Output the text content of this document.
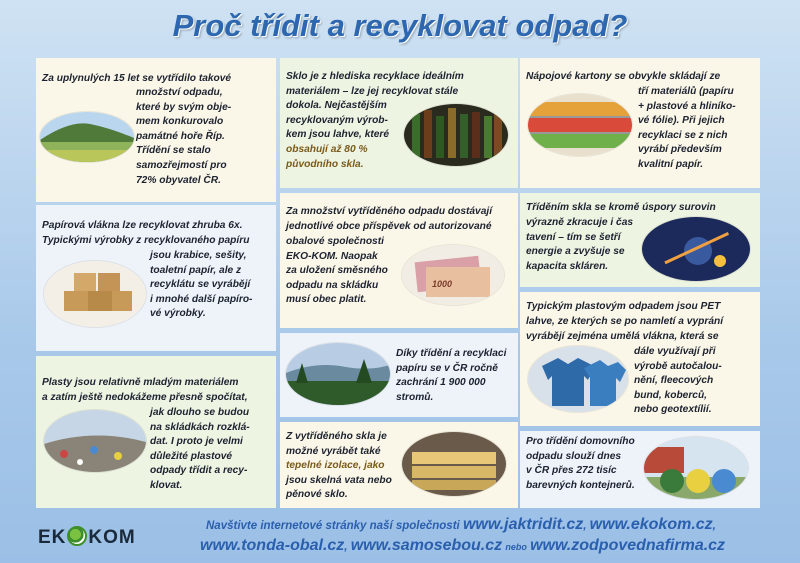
Proč třídit a recyklovat odpad?

Za uplynulých 15 let se vytřídilo takové

množství odpadu,

které by svým obje-

mem konkurovalo

památné hoře Říp.

Třídění se stalo

samozřejmostí pro

72% obyvatel ČR.

Sklo je z hlediska recyklace ideálním

materiálem – lze jej recyklovat stále

dokola. Nejčastějším

recyklovaným výrob-

kem jsou lahve, které

obsahují až 80 %

původního skla.

Nápojové kartony se obvykle skládají ze

tří materiálů (papíru

+ plastové a hliníko-

vé fólie). Při jejich

recyklaci se z nich

vyrábí především

kvalitní papír.

Papírová vlákna lze recyklovat zhruba 6x.

Typickými výrobky z recyklovaného papíru

jsou krabice, sešity,

toaletní papír, ale z

recyklátu se vyrábějí

i mnohé další papíro-

vé výrobky.

Za množství vytříděného odpadu dostávají

jednotlivé obce příspěvek od autorizované

obalové společnosti

EKO-KOM. Naopak

za uložení směsného

odpadu na skládku

musí obec platit.

1000

Tříděním skla se kromě úspory surovin

výrazně zkracuje i čas

tavení – tím se šetří

energie a zvyšuje se

kapacita skláren.

Díky třídění a recyklaci

papíru se v ČR ročně

zachrání 1 900 000

stromů.

Typickým plastovým odpadem jsou PET

lahve, ze kterých se po namletí a vyprání

vyrábějí zejména umělá vlákna, která se

dále využívají při

výrobě autočalou-

nění, fleecových

bund, koberců,

nebo geotextílií.

Plasty jsou relativně mladým materiálem

a zatím ještě nedokážeme přesně spočítat,

jak dlouho se budou

na skládkách rozklá-

dat. I proto je velmi

důležité plastové

odpady třídit a recy-

klovat.

Z vytříděného skla je

možné vyrábět také

tepelné izolace, jako

jsou skelná vata nebo

pěnové sklo.

Pro třídění domovního

odpadu slouží dnes

v ČR přes 272 tisíc

barevných kontejnerů.

EK KOM
Navštivte internetové stránky naší společnosti www.jaktridit.cz, www.ekokom.cz,
www.tonda-obal.cz, www.samosebou.cz nebo www.zodpovednafirma.cz
